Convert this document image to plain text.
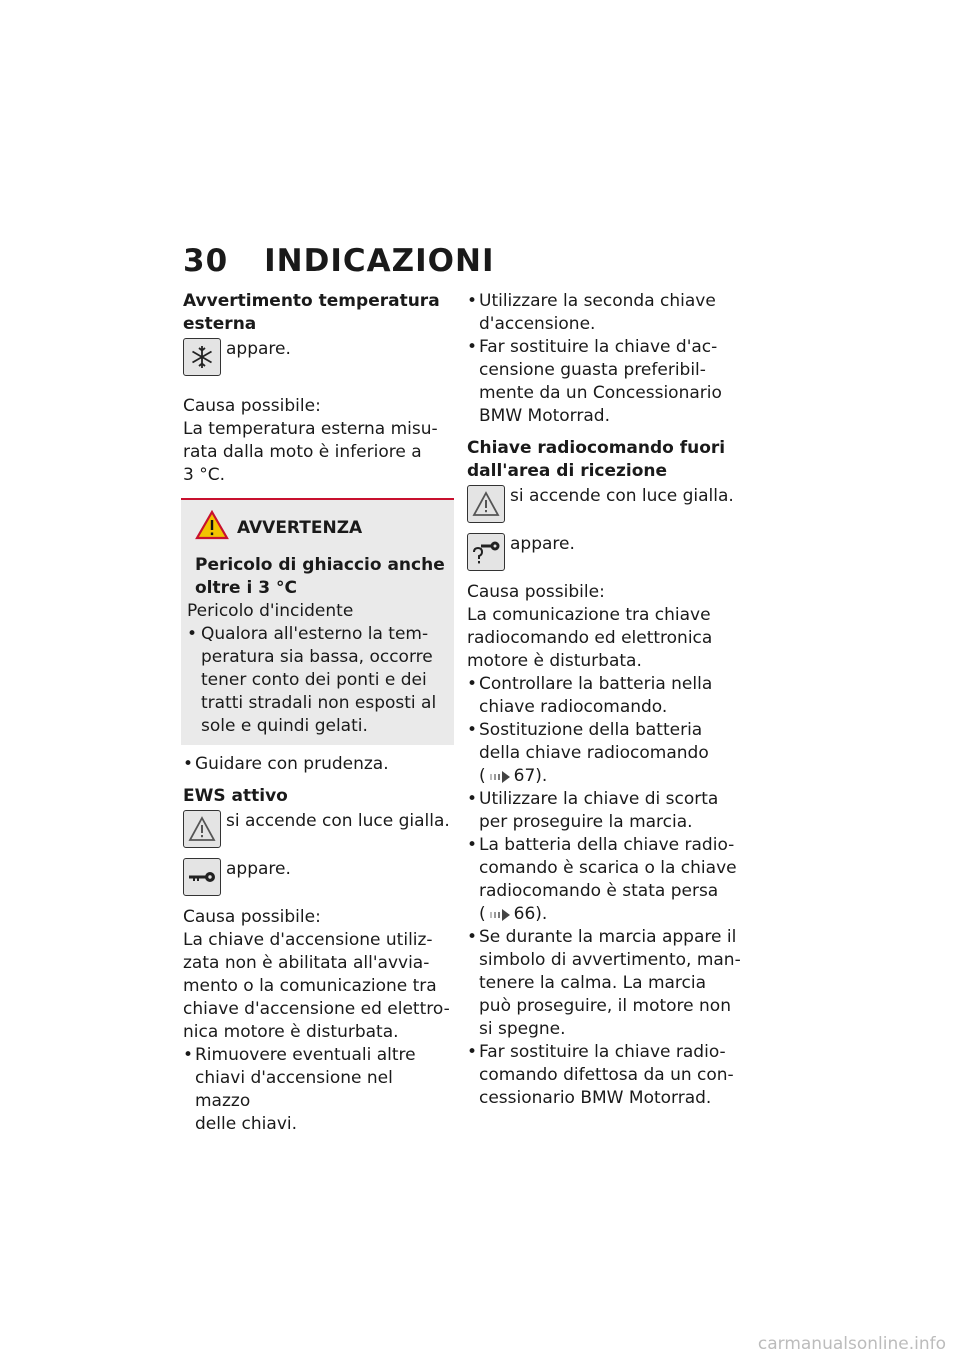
30 INDICAZIONI
Avvertimento temperatura
esterna

appare.

Causa possibile:

La temperatura esterna misu-

rata dalla moto è inferiore a

3 °C.

AVVERTENZA
Pericolo di ghiaccio anche

oltre i 3 °C

Pericolo d'incidente

• Qualora all'esterno la tem-
peratura sia bassa, occorre
tener conto dei ponti e dei
tratti stradali non esposti al
sole e quindi gelati.
• Guidare con prudenza.

EWS attivo

si accende con luce gialla.

appare.

Causa possibile:

La chiave d'accensione utiliz-

zata non è abilitata all'avvia-

mento o la comunicazione tra

chiave d'accensione ed elettro-

nica motore è disturbata.

• Rimuovere eventuali altre
chiavi d'accensione nel mazzo
delle chiavi.
• Utilizzare la seconda chiave
d'accensione.
• Far sostituire la chiave d'ac-
censione guasta preferibil-
mente da un Concessionario
BMW Motorrad.
Chiave radiocomando fuori
dall'area di ricezione

si accende con luce gialla.

appare.

Causa possibile:

La comunicazione tra chiave

radiocomando ed elettronica

motore è disturbata.

• Controllare la batteria nella
chiave radiocomando.
• Sostituzione della batteria
della chiave radiocomando
( 67).
• Utilizzare la chiave di scorta
per proseguire la marcia.
• La batteria della chiave radio-
comando è scarica o la chiave
radiocomando è stata persa
( 66).
• Se durante la marcia appare il
simbolo di avvertimento, man-
tenere la calma. La marcia
può proseguire, il motore non
si spegne.
• Far sostituire la chiave radio-
comando difettosa da un con-
cessionario BMW Motorrad.
carmanualsonline.info
